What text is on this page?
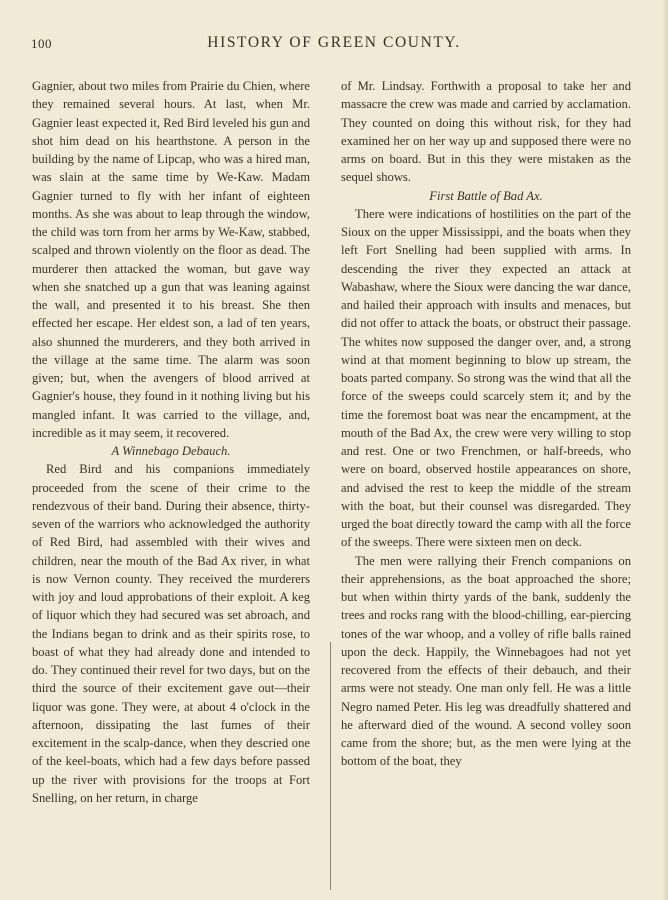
100	HISTORY OF GREEN COUNTY.

Gagnier, about two miles from Prairie du Chien, where they remained several hours. At last, when Mr. Gagnier least expected it, Red Bird leveled his gun and shot him dead on his hearthstone. A person in the building by the name of Lipcap, who was a hired man, was slain at the same time by We-Kaw. Madam Gagnier turned to fly with her infant of eighteen months. As she was about to leap through the window, the child was torn from her arms by We-Kaw, stabbed, scalped and thrown violently on the floor as dead. The murderer then attacked the woman, but gave way when she snatched up a gun that was leaning against the wall, and presented it to his breast. She then effected her escape. Her eldest son, a lad of ten years, also shunned the murderers, and they both arrived in the village at the same time. The alarm was soon given; but, when the avengers of blood arrived at Gagnier's house, they found in it nothing living but his mangled infant. It was carried to the village, and, incredible as it may seem, it recovered.

A Winnebago Debauch.

Red Bird and his companions immediately proceeded from the scene of their crime to the rendezvous of their band. During their absence, thirty-seven of the warriors who acknowledged the authority of Red Bird, had assembled with their wives and children, near the mouth of the Bad Ax river, in what is now Vernon county. They received the murderers with joy and loud approbations of their exploit. A keg of liquor which they had secured was set abroach, and the Indians began to drink and as their spirits rose, to boast of what they had already done and intended to do. They continued their revel for two days, but on the third the source of their excitement gave out—their liquor was gone. They were, at about 4 o'clock in the afternoon, dissipating the last fumes of their excitement in the scalp-dance, when they descried one of the keel-boats, which had a few days before passed up the river with provisions for the troops at Fort Snelling, on her return, in charge

of Mr. Lindsay. Forthwith a proposal to take her and massacre the crew was made and carried by acclamation. They counted on doing this without risk, for they had examined her on her way up and supposed there were no arms on board. But in this they were mistaken as the sequel shows.

First Battle of Bad Ax.

There were indications of hostilities on the part of the Sioux on the upper Mississippi, and the boats when they left Fort Snelling had been supplied with arms. In descending the river they expected an attack at Wabashaw, where the Sioux were dancing the war dance, and hailed their approach with insults and menaces, but did not offer to attack the boats, or obstruct their passage. The whites now supposed the danger over, and, a strong wind at that moment beginning to blow up stream, the boats parted company. So strong was the wind that all the force of the sweeps could scarcely stem it; and by the time the foremost boat was near the encampment, at the mouth of the Bad Ax, the crew were very willing to stop and rest. One or two Frenchmen, or half-breeds, who were on board, observed hostile appearances on shore, and advised the rest to keep the middle of the stream with the boat, but their counsel was disregarded. They urged the boat directly toward the camp with all the force of the sweeps. There were sixteen men on deck.

The men were rallying their French companions on their apprehensions, as the boat approached the shore; but when within thirty yards of the bank, suddenly the trees and rocks rang with the blood-chilling, ear-piercing tones of the war whoop, and a volley of rifle balls rained upon the deck. Happily, the Winnebagoes had not yet recovered from the effects of their debauch, and their arms were not steady. One man only fell. He was a little Negro named Peter. His leg was dreadfully shattered and he afterward died of the wound. A second volley soon came from the shore; but, as the men were lying at the bottom of the boat, they
